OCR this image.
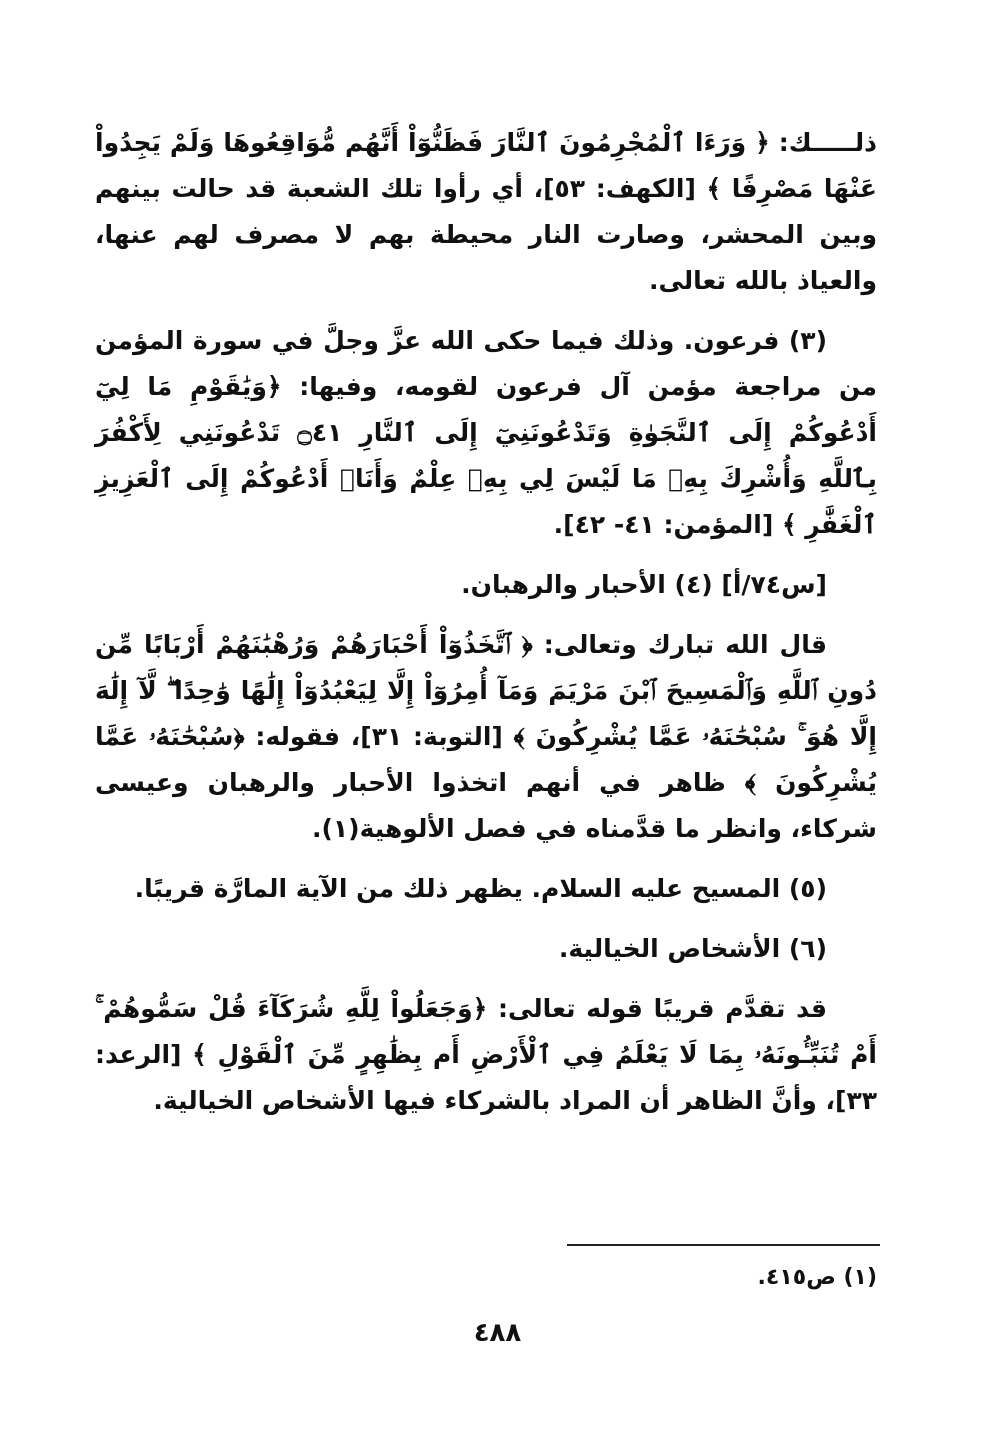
ذلـــــك: ﴿ وَرَءَا ٱلْمُجْرِمُونَ ٱلنَّارَ فَظَنُّوٓاْ أَنَّهُم مُّوَاقِعُوهَا وَلَمْ يَجِدُواْ عَنْهَا مَصْرِفًا ﴾ [الكهف: ٥٣]، أي رأوا تلك الشعبة قد حالت بينهم وبين المحشر، وصارت النار محيطة بهم لا مصرف لهم عنها، والعياذ بالله تعالى.

(٣) فرعون. وذلك فيما حكى الله عزَّ وجلَّ في سورة المؤمن من مراجعة مؤمن آل فرعون لقومه، وفيها: ﴿وَيَٰقَوْمِ مَا لِيٓ أَدْعُوكُمْ إِلَى ٱلنَّجَوٰةِ وَتَدْعُونَنِيٓ إِلَى ٱلنَّارِ ۝٤١ تَدْعُونَنِي لِأَكْفُرَ بِٱللَّهِ وَأُشْرِكَ بِهِۦ مَا لَيْسَ لِي بِهِۦ عِلْمٌ وَأَنَا۠ أَدْعُوكُمْ إِلَى ٱلْعَزِيزِ ٱلْغَفَّٰرِ ﴾ [المؤمن: ٤١- ٤٢].

[س٧٤/أ] (٤) الأحبار والرهبان.

قال الله تبارك وتعالى: ﴿ ٱتَّخَذُوٓاْ أَحْبَارَهُمْ وَرُهْبَٰنَهُمْ أَرْبَابًا مِّن دُونِ ٱللَّهِ وَٱلْمَسِيحَ ٱبْنَ مَرْيَمَ وَمَآ أُمِرُوٓاْ إِلَّا لِيَعْبُدُوٓاْ إِلَٰهًا وَٰحِدًا ۖ لَّآ إِلَٰهَ إِلَّا هُوَ ۚ سُبْحَٰنَهُۥ عَمَّا يُشْرِكُونَ ﴾ [التوبة: ٣١]، فقوله: ﴿سُبْحَٰنَهُۥ عَمَّا يُشْرِكُونَ ﴾ ظاهر في أنهم اتخذوا الأحبار والرهبان وعيسى شركاء، وانظر ما قدَّمناه في فصل الألوهية(١).

(٥) المسيح عليه السلام. يظهر ذلك من الآية المارَّة قريبًا.

(٦) الأشخاص الخيالية.

قد تقدَّم قريبًا قوله تعالى: ﴿وَجَعَلُواْ لِلَّهِ شُرَكَآءَ قُلْ سَمُّوهُمْ ۚ أَمْ تُنَبِّـُٔونَهُۥ بِمَا لَا يَعْلَمُ فِي ٱلْأَرْضِ أَم بِظَٰهِرٍ مِّنَ ٱلْقَوْلِ ﴾ [الرعد: ٣٣]، وأنَّ الظاهر أن المراد بالشركاء فيها الأشخاص الخيالية.

(١) ص٤١٥.
٤٨٨
